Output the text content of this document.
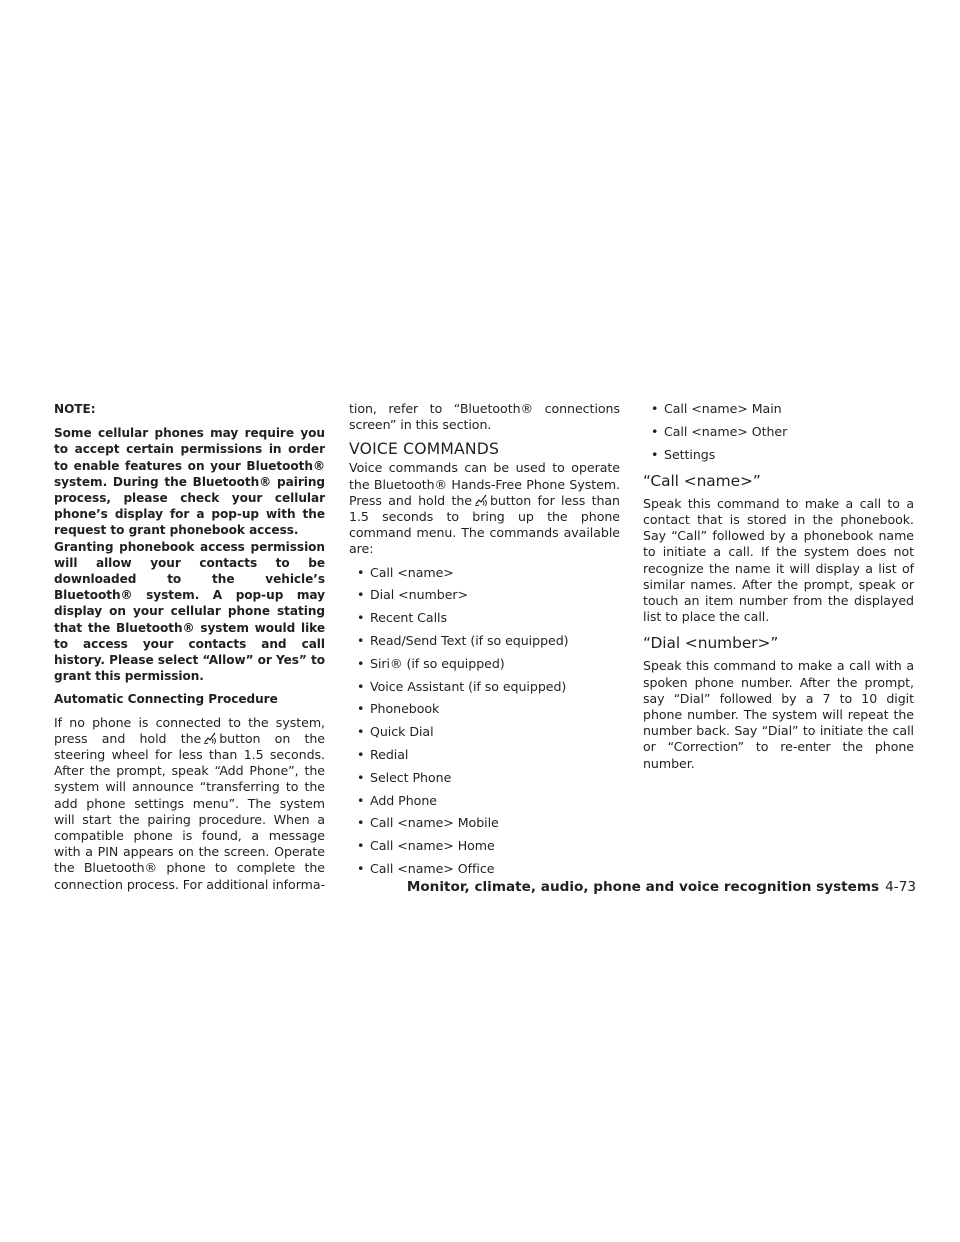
NOTE:

Some cellular phones may require you to accept certain permissions in order to enable features on your Bluetooth® system. During the Bluetooth® pairing process, please check your cellular phone’s display for a pop-up with the request to grant phonebook access.

Granting phonebook access permission will allow your contacts to be downloaded to the vehicle’s Bluetooth® system. A pop-up may display on your cellular phone stating that the Bluetooth® system would like to access your contacts and call history. Please select “Allow” or Yes” to grant this permission.

Automatic Connecting Procedure

If no phone is connected to the system, press and hold the button on the steering wheel for less than 1.5 seconds. After the prompt, speak “Add Phone”, the system will announce “transferring to the add phone settings menu”. The system will start the pairing procedure. When a compatible phone is found, a message with a PIN appears on the screen. Operate the Bluetooth® phone to complete the connection process. For additional informa-

tion, refer to “Bluetooth® connections screen” in this section.

VOICE COMMANDS

Voice commands can be used to operate the Bluetooth® Hands-Free Phone System. Press and hold the button for less than 1.5 seconds to bring up the phone command menu. The commands available are:

• Call <name>
• Dial <number>
• Recent Calls
• Read/Send Text (if so equipped)
• Siri® (if so equipped)
• Voice Assistant (if so equipped)
• Phonebook
• Quick Dial
• Redial
• Select Phone
• Add Phone
• Call <name> Mobile
• Call <name> Home
• Call <name> Office
• Call <name> Main
• Call <name> Other
• Settings
“Call <name>”

Speak this command to make a call to a contact that is stored in the phonebook. Say “Call” followed by a phonebook name to initiate a call. If the system does not recognize the name it will display a list of similar names. After the prompt, speak or touch an item number from the displayed list to place the call.

“Dial <number>”

Speak this command to make a call with a spoken phone number. After the prompt, say “Dial” followed by a 7 to 10 digit phone number. The system will repeat the number back. Say “Dial” to initiate the call or “Correction” to re-enter the phone number.

Monitor, climate, audio, phone and voice recognition systems 4-73
